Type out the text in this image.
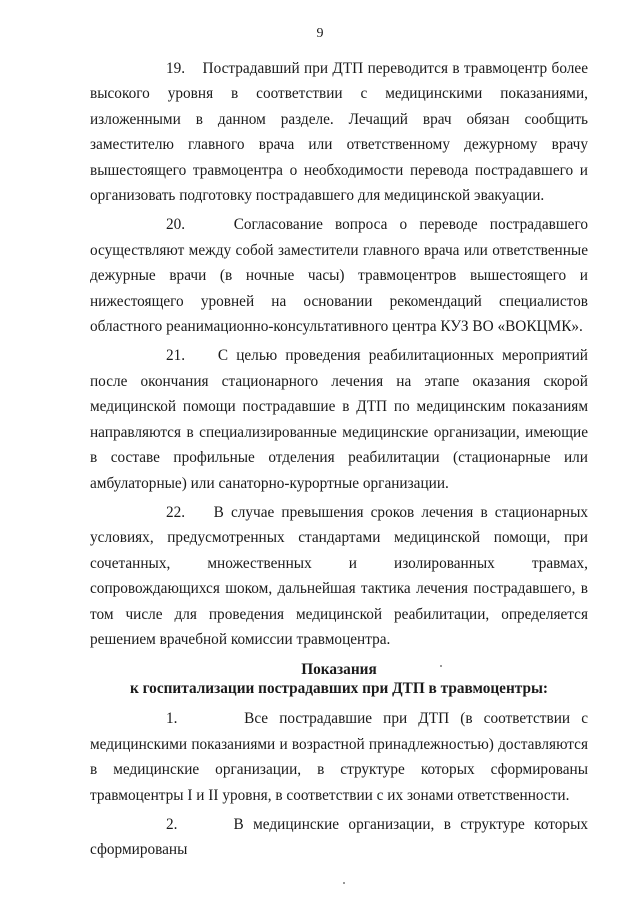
9

19. Пострадавший при ДТП переводится в травмоцентр более высокого уровня в соответствии с медицинскими показаниями, изложенными в данном разделе. Лечащий врач обязан сообщить заместителю главного врача или ответственному дежурному врачу вышестоящего травмоцентра о необходимости перевода пострадавшего и организовать подготовку пострадавшего для медицинской эвакуации.

20.	Согласование вопроса о переводе пострадавшего осуществляют между собой заместители главного врача или ответственные дежурные врачи (в ночные часы) травмоцентров вышестоящего и нижестоящего уровней на основании рекомендаций специалистов областного реанимационно-консультативного центра КУЗ ВО «ВОКЦМК».

21. С целью проведения реабилитационных мероприятий после окончания стационарного лечения на этапе оказания скорой медицинской помощи пострадавшие в ДТП по медицинским показаниям направляются в специализированные медицинские организации, имеющие в составе профильные отделения реабилитации (стационарные или амбулаторные) или санаторно-курортные организации.

22. В случае превышения сроков лечения в стационарных условиях, предусмотренных стандартами медицинской помощи, при сочетанных, множественных и изолированных травмах, сопровождающихся шоком, дальнейшая тактика лечения пострадавшего, в том числе для проведения медицинской реабилитации, определяется решением врачебной комиссии травмоцентра.

Показания
к госпитализации пострадавших при ДТП в травмоцентры:

1.	Все пострадавшие при ДТП (в соответствии с медицинскими показаниями и возрастной принадлежностью) доставляются в медицинские организации, в структуре которых сформированы травмоцентры I и II уровня, в соответствии с их зонами ответственности.

2.	В медицинские организации, в структуре которых сформированы
